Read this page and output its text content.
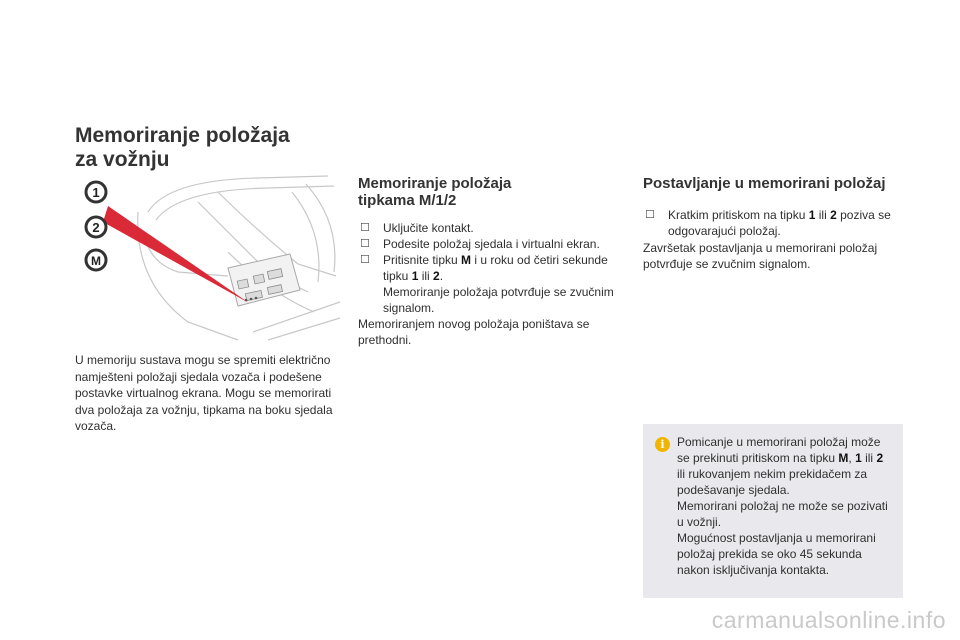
Memoriranje položaja
za vožnju
1
2
M
U memoriju sustava mogu se spremiti električno namješteni položaji sjedala vozača i podešene postavke virtualnog ekrana. Mogu se memorirati dva položaja za vožnju, tipkama na boku sjedala vozača.
Memoriranje položaja
tipkama M/1/2
☐ Uključite kontakt.
☐ Podesite položaj sjedala i virtualni ekran.
☐ Pritisnite tipku M i u roku od četiri sekunde tipku 1 ili 2.
Memoriranje položaja potvrđuje se zvučnim signalom.
Memoriranjem novog položaja poništava se prethodni.
Postavljanje u memorirani položaj
☐ Kratkim pritiskom na tipku 1 ili 2 poziva se odgovarajući položaj.
Završetak postavljanja u memorirani položaj potvrđuje se zvučnim signalom.
i	Pomicanje u memorirani položaj može se prekinuti pritiskom na tipku M, 1 ili 2 ili rukovanjem nekim prekidačem za podešavanje sjedala.

Memorirani položaj ne može se pozivati u vožnji.

Mogućnost postavljanja u memorirani položaj prekida se oko 45 sekunda nakon isključivanja kontakta.

carmanualsonline.info
